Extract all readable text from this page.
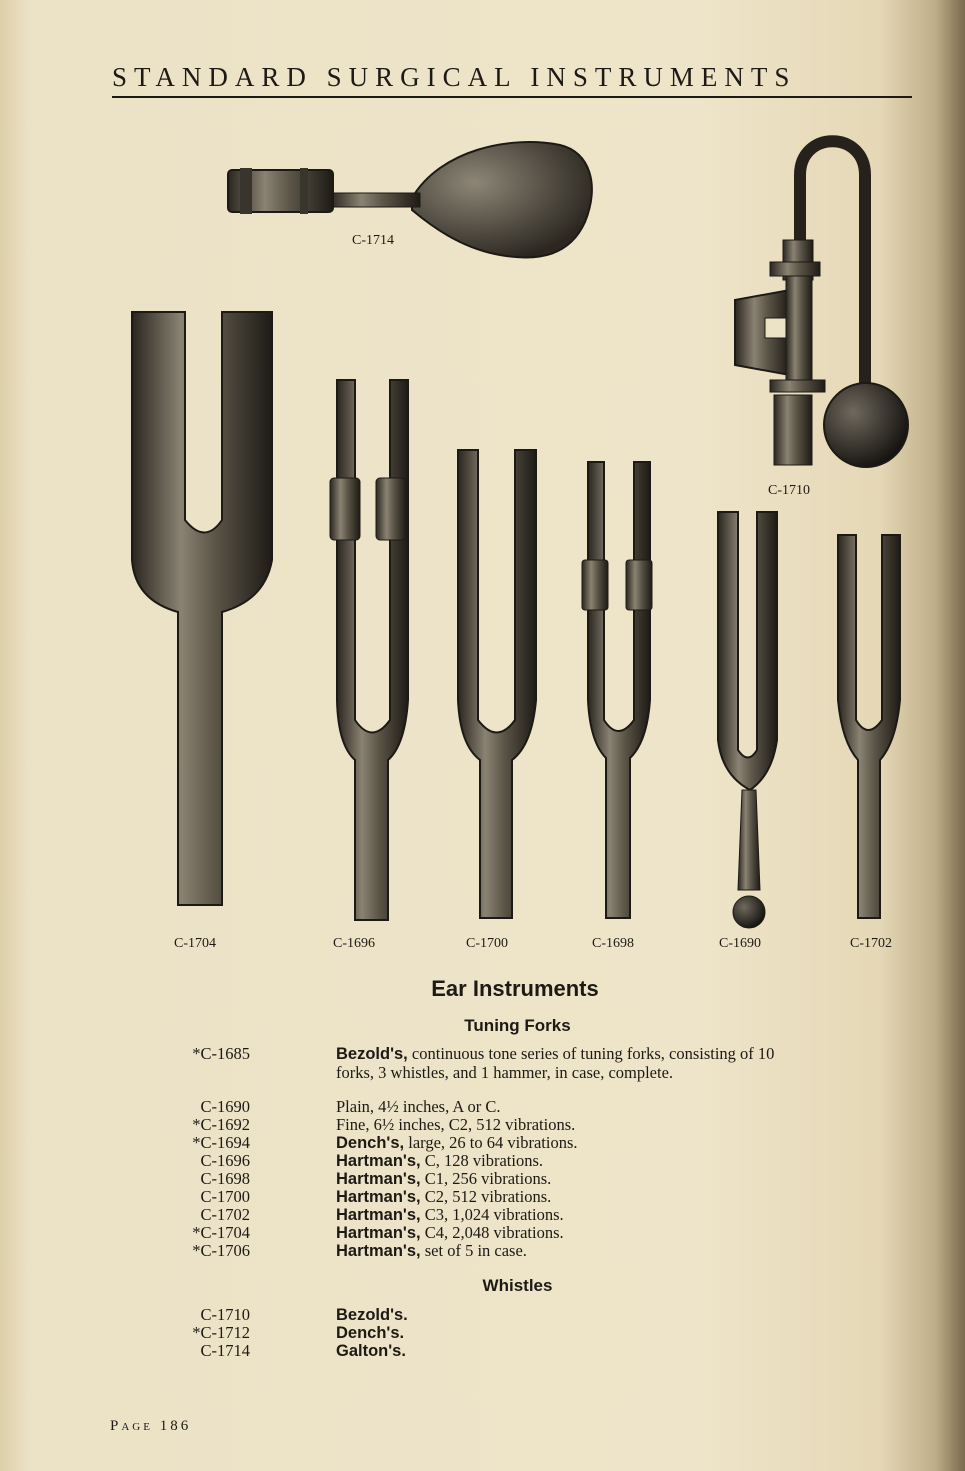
STANDARD SURGICAL INSTRUMENTS
C-1714
C-1710
C-1704	C-1696	C-1700	C-1698	C-1690	C-1702
Ear Instruments
Tuning Forks
*C-1685	Bezold's, continuous tone series of tuning forks, consisting of 10 forks, 3 whistles, and 1 hammer, in case, complete.
C-1690	Plain, 4½ inches, A or C.
*C-1692	Fine, 6½ inches, C2, 512 vibrations.
*C-1694	Dench's, large, 26 to 64 vibrations.
C-1696	Hartman's, C, 128 vibrations.
C-1698	Hartman's, C1, 256 vibrations.
C-1700	Hartman's, C2, 512 vibrations.
C-1702	Hartman's, C3, 1,024 vibrations.
*C-1704	Hartman's, C4, 2,048 vibrations.
*C-1706	Hartman's, set of 5 in case.
Whistles
C-1710	Bezold's.
*C-1712	Dench's.
C-1714	Galton's.
Page 186
